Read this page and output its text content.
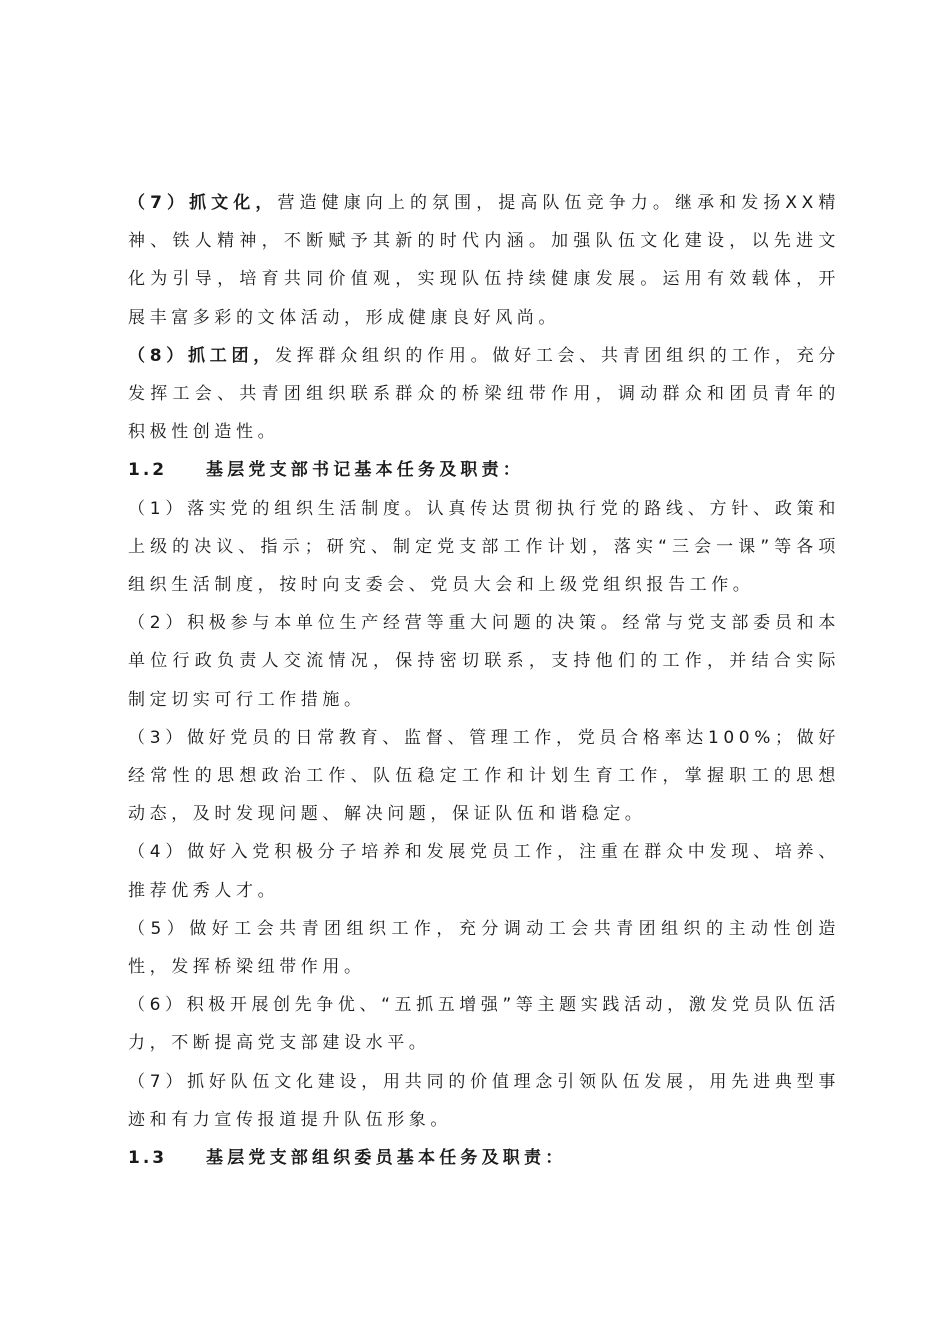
（7）抓文化，营造健康向上的氛围，提高队伍竞争力。继承和发扬XX精神、铁人精神，不断赋予其新的时代内涵。加强队伍文化建设，以先进文化为引导，培育共同价值观，实现队伍持续健康发展。运用有效载体，开展丰富多彩的文体活动，形成健康良好风尚。

（8）抓工团，发挥群众组织的作用。做好工会、共青团组织的工作，充分发挥工会、共青团组织联系群众的桥梁纽带作用，调动群众和团员青年的积极性创造性。

1.2 基层党支部书记基本任务及职责：

（1）落实党的组织生活制度。认真传达贯彻执行党的路线、方针、政策和上级的决议、指示；研究、制定党支部工作计划，落实“三会一课”等各项组织生活制度，按时向支委会、党员大会和上级党组织报告工作。

（2）积极参与本单位生产经营等重大问题的决策。经常与党支部委员和本单位行政负责人交流情况，保持密切联系，支持他们的工作，并结合实际制定切实可行工作措施。

（3）做好党员的日常教育、监督、管理工作，党员合格率达100%；做好经常性的思想政治工作、队伍稳定工作和计划生育工作，掌握职工的思想动态，及时发现问题、解决问题，保证队伍和谐稳定。

（4）做好入党积极分子培养和发展党员工作，注重在群众中发现、培养、推荐优秀人才。

（5）做好工会共青团组织工作，充分调动工会共青团组织的主动性创造性，发挥桥梁纽带作用。

（6）积极开展创先争优、“五抓五增强”等主题实践活动，激发党员队伍活力，不断提高党支部建设水平。

（7）抓好队伍文化建设，用共同的价值理念引领队伍发展，用先进典型事迹和有力宣传报道提升队伍形象。

1.3 基层党支部组织委员基本任务及职责：
